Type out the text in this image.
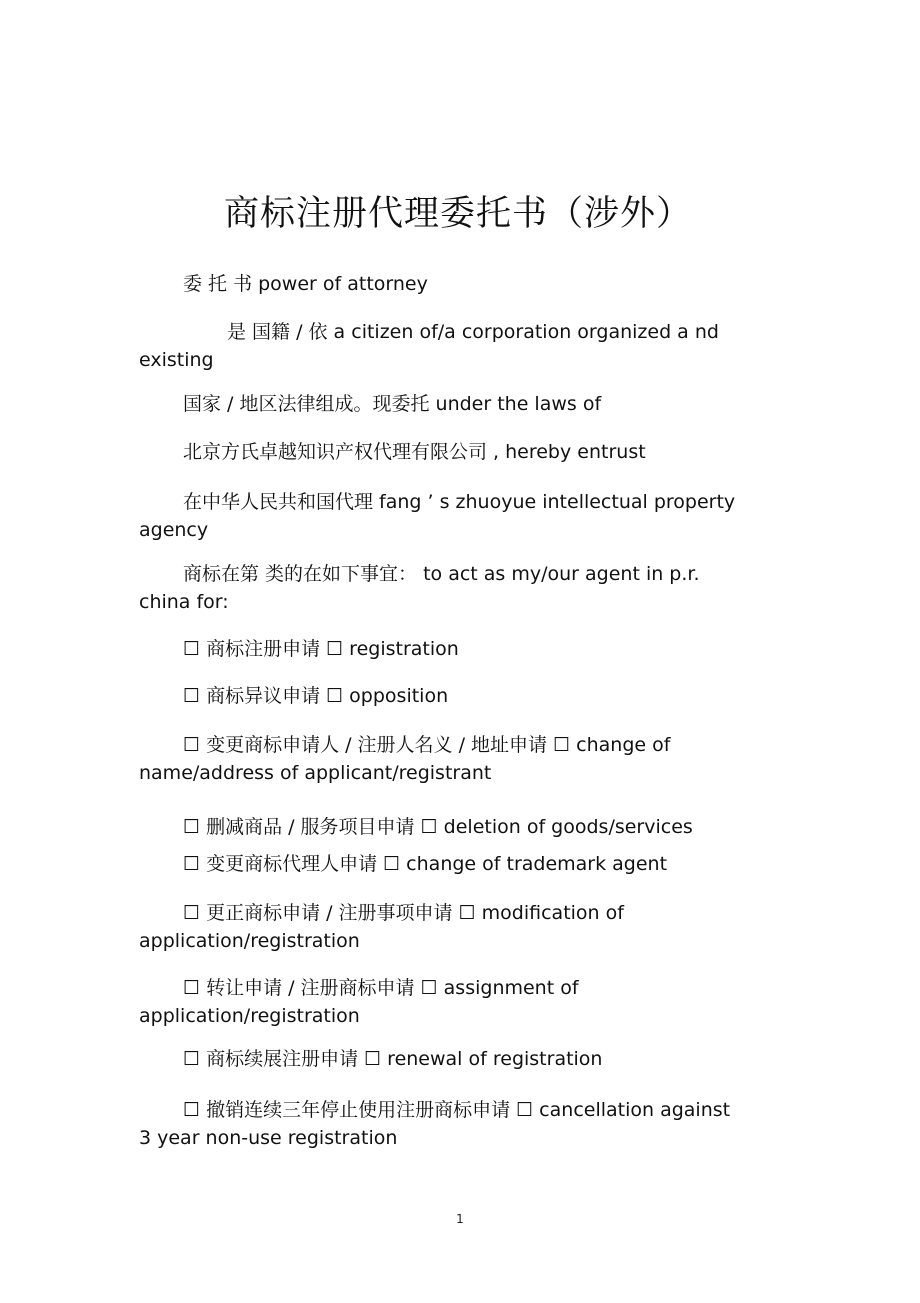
商标注册代理委托书（涉外）
委 托 书 power of attorney
是 国籍 / 依 a citizen of/a corporation organized a nd existing
国家 / 地区法律组成。现委托 under the laws of
北京方氏卓越知识产权代理有限公司 , hereby entrust
在中华人民共和国代理 fang ’ s zhuoyue intellectual property agency
商标在第 类的在如下事宜： to act as my/our agent in p.r. china for:
☐ 商标注册申请 ☐ registration
☐ 商标异议申请 ☐ opposition
☐ 变更商标申请人 / 注册人名义 / 地址申请 ☐ change of name/address of applicant/registrant
☐ 删减商品 / 服务项目申请 ☐ deletion of goods/services
☐ 变更商标代理人申请 ☐ change of trademark agent
☐ 更正商标申请 / 注册事项申请 ☐ modification of application/registration
☐ 转让申请 / 注册商标申请 ☐ assignment of application/registration
☐ 商标续展注册申请 ☐ renewal of registration
☐ 撤销连续三年停止使用注册商标申请 ☐ cancellation against 3 year non-use registration
1
